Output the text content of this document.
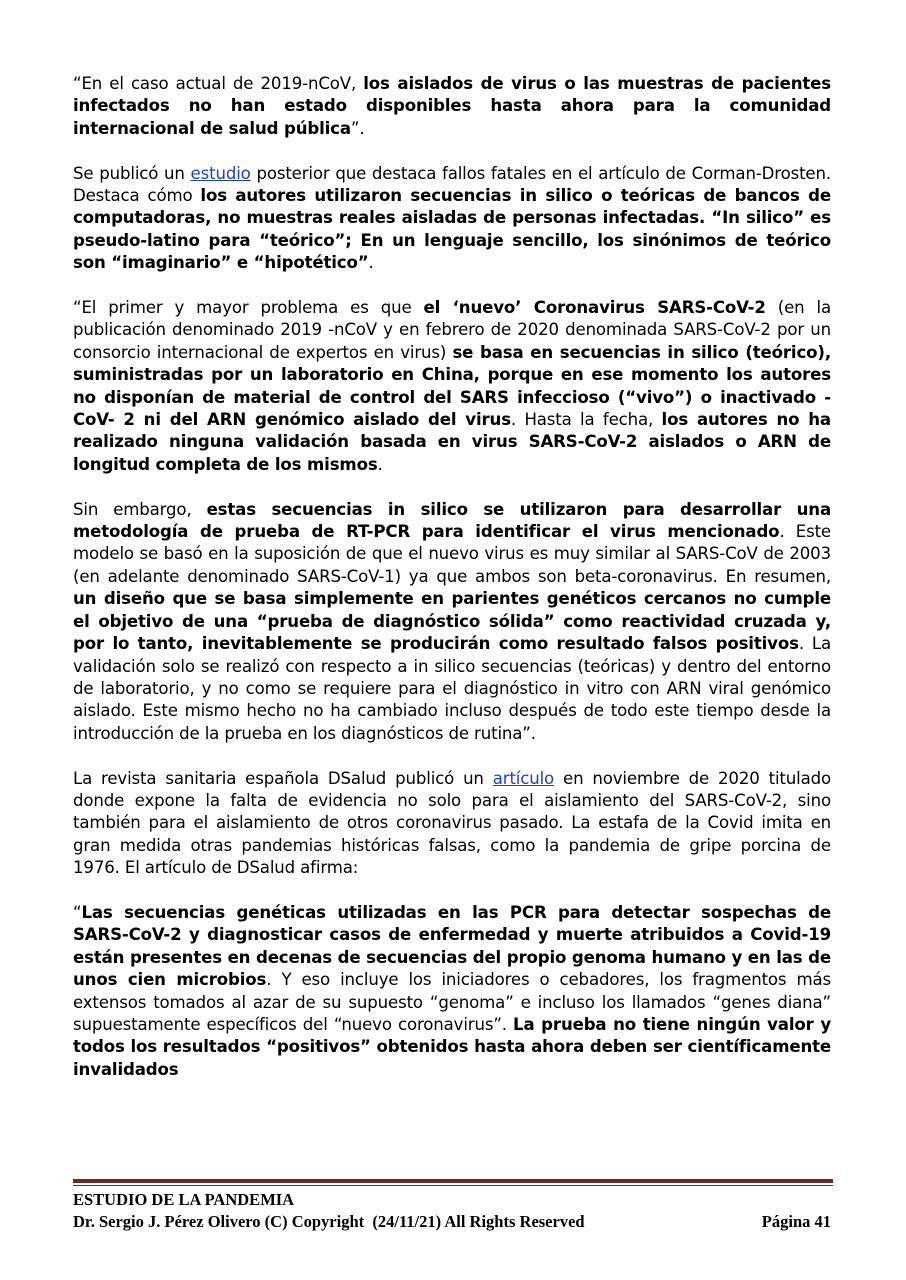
“En el caso actual de 2019-nCoV, los aislados de virus o las muestras de pacientes infectados no han estado disponibles hasta ahora para la comunidad internacional de salud pública”.

Se publicó un estudio posterior que destaca fallos fatales en el artículo de Corman-Drosten. Destaca cómo los autores utilizaron secuencias in silico o teóricas de bancos de computadoras, no muestras reales aisladas de personas infectadas. “In silico” es pseudo-latino para “teórico”; En un lenguaje sencillo, los sinónimos de teórico son “imaginario” e “hipotético”.

“El primer y mayor problema es que el ‘nuevo’ Coronavirus SARS-CoV-2 (en la publicación denominado 2019 -nCoV y en febrero de 2020 denominada SARS-CoV-2 por un consorcio internacional de expertos en virus) se basa en secuencias in silico (teórico), suministradas por un laboratorio en China, porque en ese momento los autores no disponían de material de control del SARS infeccioso (“vivo”) o inactivado -CoV- 2 ni del ARN genómico aislado del virus. Hasta la fecha, los autores no ha realizado ninguna validación basada en virus SARS-CoV-2 aislados o ARN de longitud completa de los mismos.

Sin embargo, estas secuencias in silico se utilizaron para desarrollar una metodología de prueba de RT-PCR para identificar el virus mencionado. Este modelo se basó en la suposición de que el nuevo virus es muy similar al SARS-CoV de 2003 (en adelante denominado SARS-CoV-1) ya que ambos son beta-coronavirus. En resumen, un diseño que se basa simplemente en parientes genéticos cercanos no cumple el objetivo de una “prueba de diagnóstico sólida” como reactividad cruzada y, por lo tanto, inevitablemente se producirán como resultado falsos positivos. La validación solo se realizó con respecto a in silico secuencias (teóricas) y dentro del entorno de laboratorio, y no como se requiere para el diagnóstico in vitro con ARN viral genómico aislado. Este mismo hecho no ha cambiado incluso después de todo este tiempo desde la introducción de la prueba en los diagnósticos de rutina”.

La revista sanitaria española DSalud publicó un artículo en noviembre de 2020 titulado donde expone la falta de evidencia no solo para el aislamiento del SARS-CoV-2, sino también para el aislamiento de otros coronavirus pasado. La estafa de la Covid imita en gran medida otras pandemias históricas falsas, como la pandemia de gripe porcina de 1976. El artículo de DSalud afirma:

“Las secuencias genéticas utilizadas en las PCR para detectar sospechas de SARS-CoV-2 y diagnosticar casos de enfermedad y muerte atribuidos a Covid-19 están presentes en decenas de secuencias del propio genoma humano y en las de unos cien microbios. Y eso incluye los iniciadores o cebadores, los fragmentos más extensos tomados al azar de su supuesto “genoma” e incluso los llamados “genes diana” supuestamente específicos del “nuevo coronavirus”. La prueba no tiene ningún valor y todos los resultados “positivos” obtenidos hasta ahora deben ser científicamente invalidados

ESTUDIO DE LA PANDEMIA
Dr. Sergio J. Pérez Olivero (C) Copyright  (24/11/21) All Rights Reserved	Página 41
